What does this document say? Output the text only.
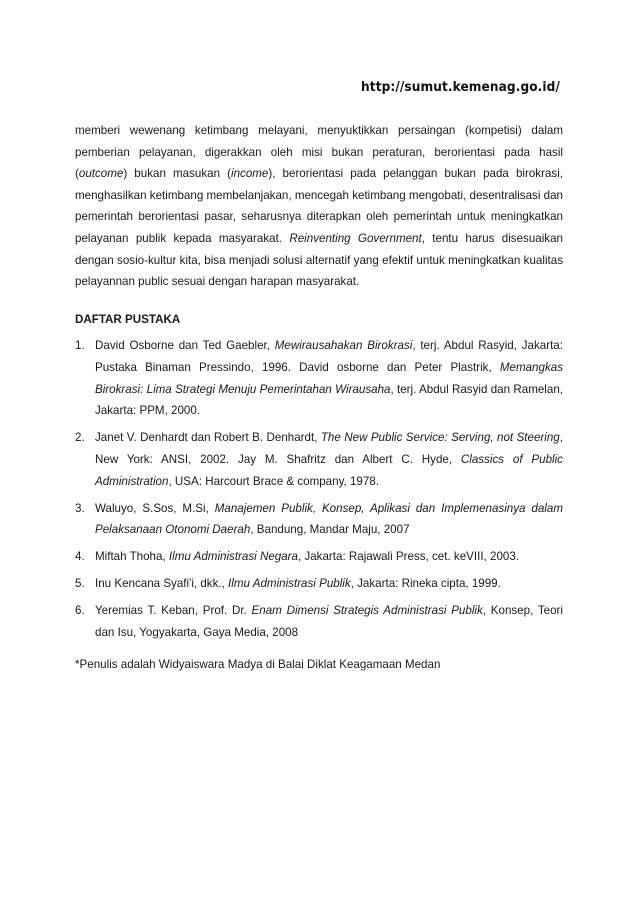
http://sumut.kemenag.go.id/

memberi wewenang ketimbang melayani, menyuktikkan persaingan (kompetisi) dalam pemberian pelayanan, digerakkan oleh misi bukan peraturan, berorientasi pada hasil (outcome) bukan masukan (income), berorientasi pada pelanggan bukan pada birokrasi, menghasilkan ketimbang membelanjakan, mencegah ketimbang mengobati, desentralisasi dan pemerintah berorientasi pasar, seharusnya diterapkan oleh pemerintah untuk meningkatkan pelayanan publik kepada masyarakat. Reinventing Government, tentu harus disesuaikan dengan sosio-kultur kita, bisa menjadi solusi alternatif yang efektif untuk meningkatkan kualitas pelayannan public sesuai dengan harapan masyarakat.

DAFTAR PUSTAKA
1. David Osborne dan Ted Gaebler, Mewirausahakan Birokrasi, terj. Abdul Rasyid, Jakarta: Pustaka Binaman Pressindo, 1996. David osborne dan Peter Plastrik, Memangkas Birokrasi: Lima Strategi Menuju Pemerintahan Wirausaha, terj. Abdul Rasyid dan Ramelan, Jakarta: PPM, 2000.
2. Janet V. Denhardt dan Robert B. Denhardt, The New Public Service: Serving, not Steering, New York: ANSI, 2002. Jay M. Shafritz dan Albert C. Hyde, Classics of Public Administration, USA: Harcourt Brace & company, 1978.
3. Waluyo, S.Sos, M.Si, Manajemen Publik, Konsep, Aplikasi dan Implemenasinya dalam Pelaksanaan Otonomi Daerah, Bandung, Mandar Maju, 2007
4. Miftah Thoha, Ilmu Administrasi Negara, Jakarta: Rajawali Press, cet. keVIII, 2003.
5. Inu Kencana Syafi'i, dkk., Ilmu Administrasi Publik, Jakarta: Rineka cipta, 1999.
6. Yeremias T. Keban, Prof. Dr. Enam Dimensi Strategis Administrasi Publik, Konsep, Teori dan Isu, Yogyakarta, Gaya Media, 2008

*Penulis adalah Widyaiswara Madya di Balai Diklat Keagamaan Medan
